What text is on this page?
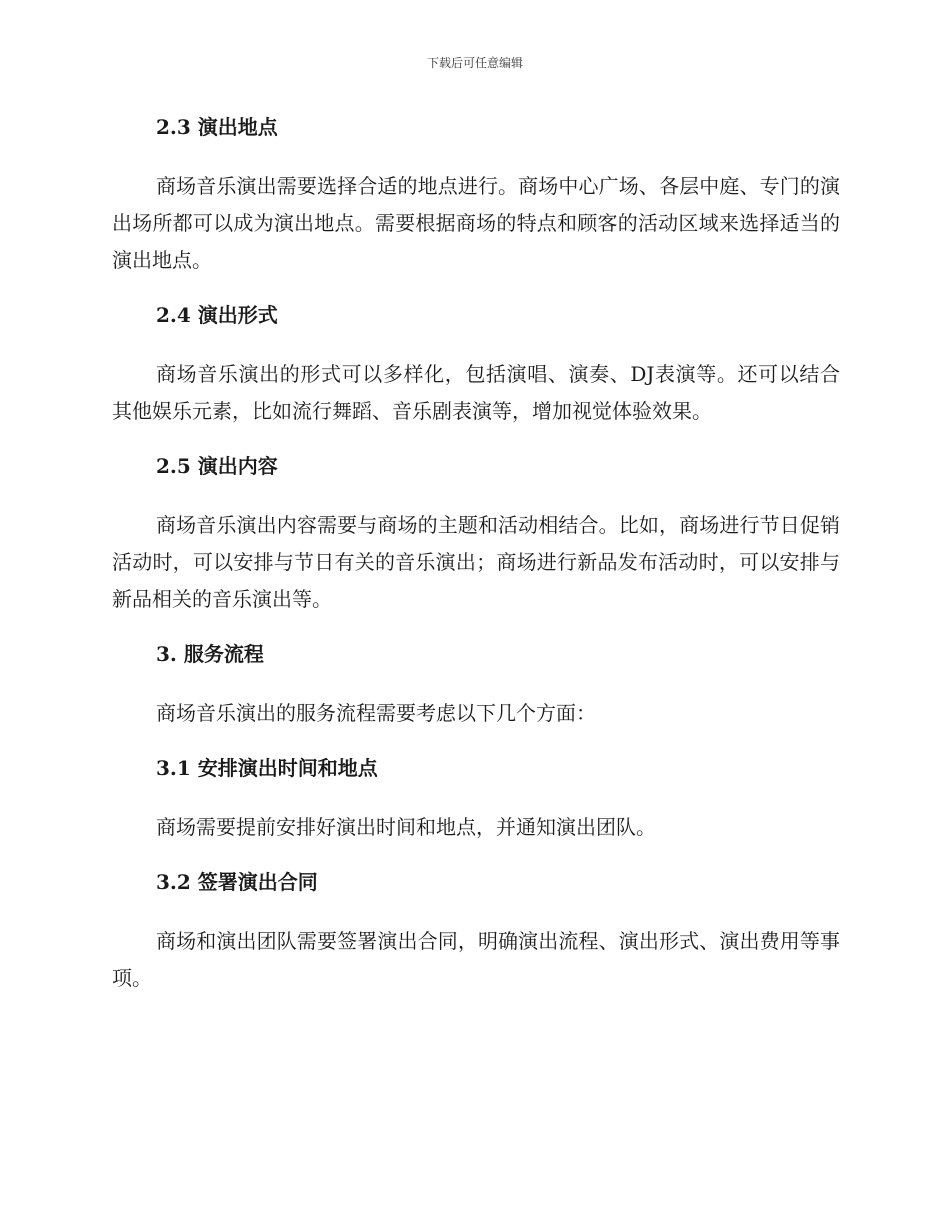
下载后可任意编辑
2.3 演出地点

商场音乐演出需要选择合适的地点进行。商场中心广场、各层中庭、专门的演出场所都可以成为演出地点。需要根据商场的特点和顾客的活动区域来选择适当的演出地点。

2.4 演出形式

商场音乐演出的形式可以多样化，包括演唱、演奏、DJ表演等。还可以结合其他娱乐元素，比如流行舞蹈、音乐剧表演等，增加视觉体验效果。

2.5 演出内容

商场音乐演出内容需要与商场的主题和活动相结合。比如，商场进行节日促销活动时，可以安排与节日有关的音乐演出；商场进行新品发布活动时，可以安排与新品相关的音乐演出等。

3. 服务流程

商场音乐演出的服务流程需要考虑以下几个方面：

3.1 安排演出时间和地点

商场需要提前安排好演出时间和地点，并通知演出团队。

3.2 签署演出合同

商场和演出团队需要签署演出合同，明确演出流程、演出形式、演出费用等事项。
